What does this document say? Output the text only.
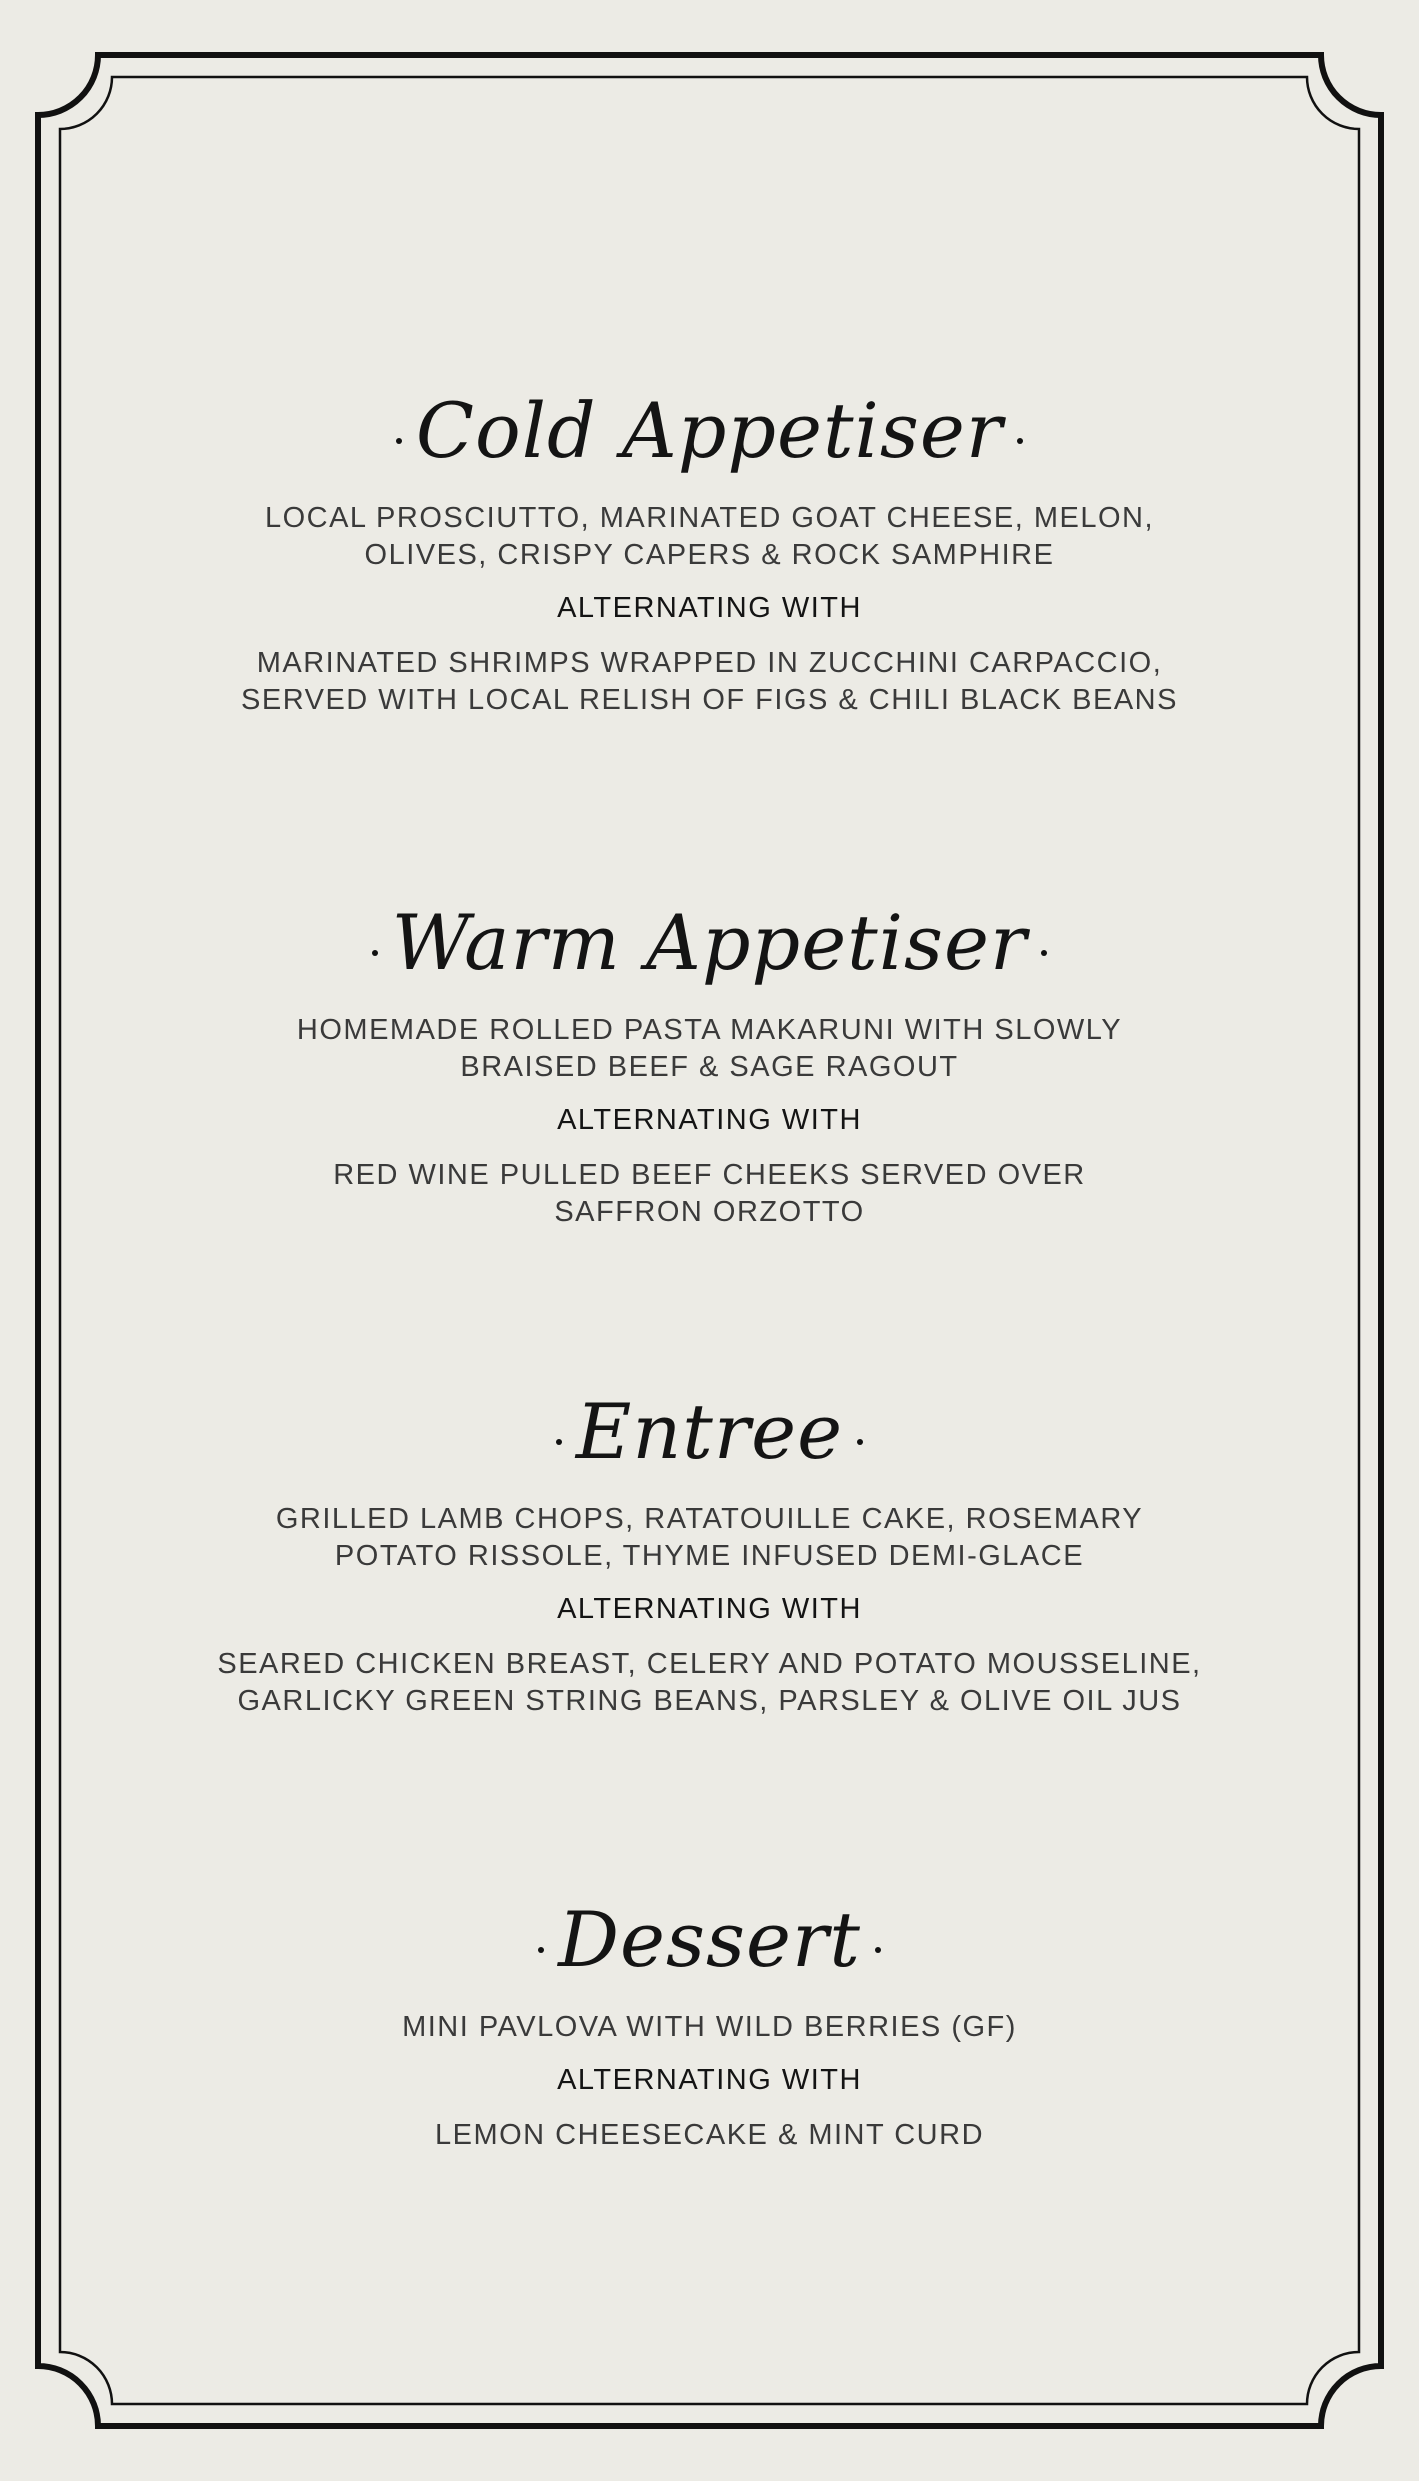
Cold Appetiser

LOCAL PROSCIUTTO, MARINATED GOAT CHEESE, MELON,

OLIVES, CRISPY CAPERS & ROCK SAMPHIRE

ALTERNATING WITH

MARINATED SHRIMPS WRAPPED IN ZUCCHINI CARPACCIO,

SERVED WITH LOCAL RELISH OF FIGS & CHILI BLACK BEANS

Warm Appetiser

HOMEMADE ROLLED PASTA MAKARUNI WITH SLOWLY

BRAISED BEEF & SAGE RAGOUT

ALTERNATING WITH

RED WINE PULLED BEEF CHEEKS SERVED OVER

SAFFRON ORZOTTO

Entree

GRILLED LAMB CHOPS, RATATOUILLE CAKE, ROSEMARY

POTATO RISSOLE, THYME INFUSED DEMI-GLACE

ALTERNATING WITH

SEARED CHICKEN BREAST, CELERY AND POTATO MOUSSELINE,

GARLICKY GREEN STRING BEANS, PARSLEY & OLIVE OIL JUS

Dessert

MINI PAVLOVA WITH WILD BERRIES (GF)

ALTERNATING WITH

LEMON CHEESECAKE & MINT CURD
